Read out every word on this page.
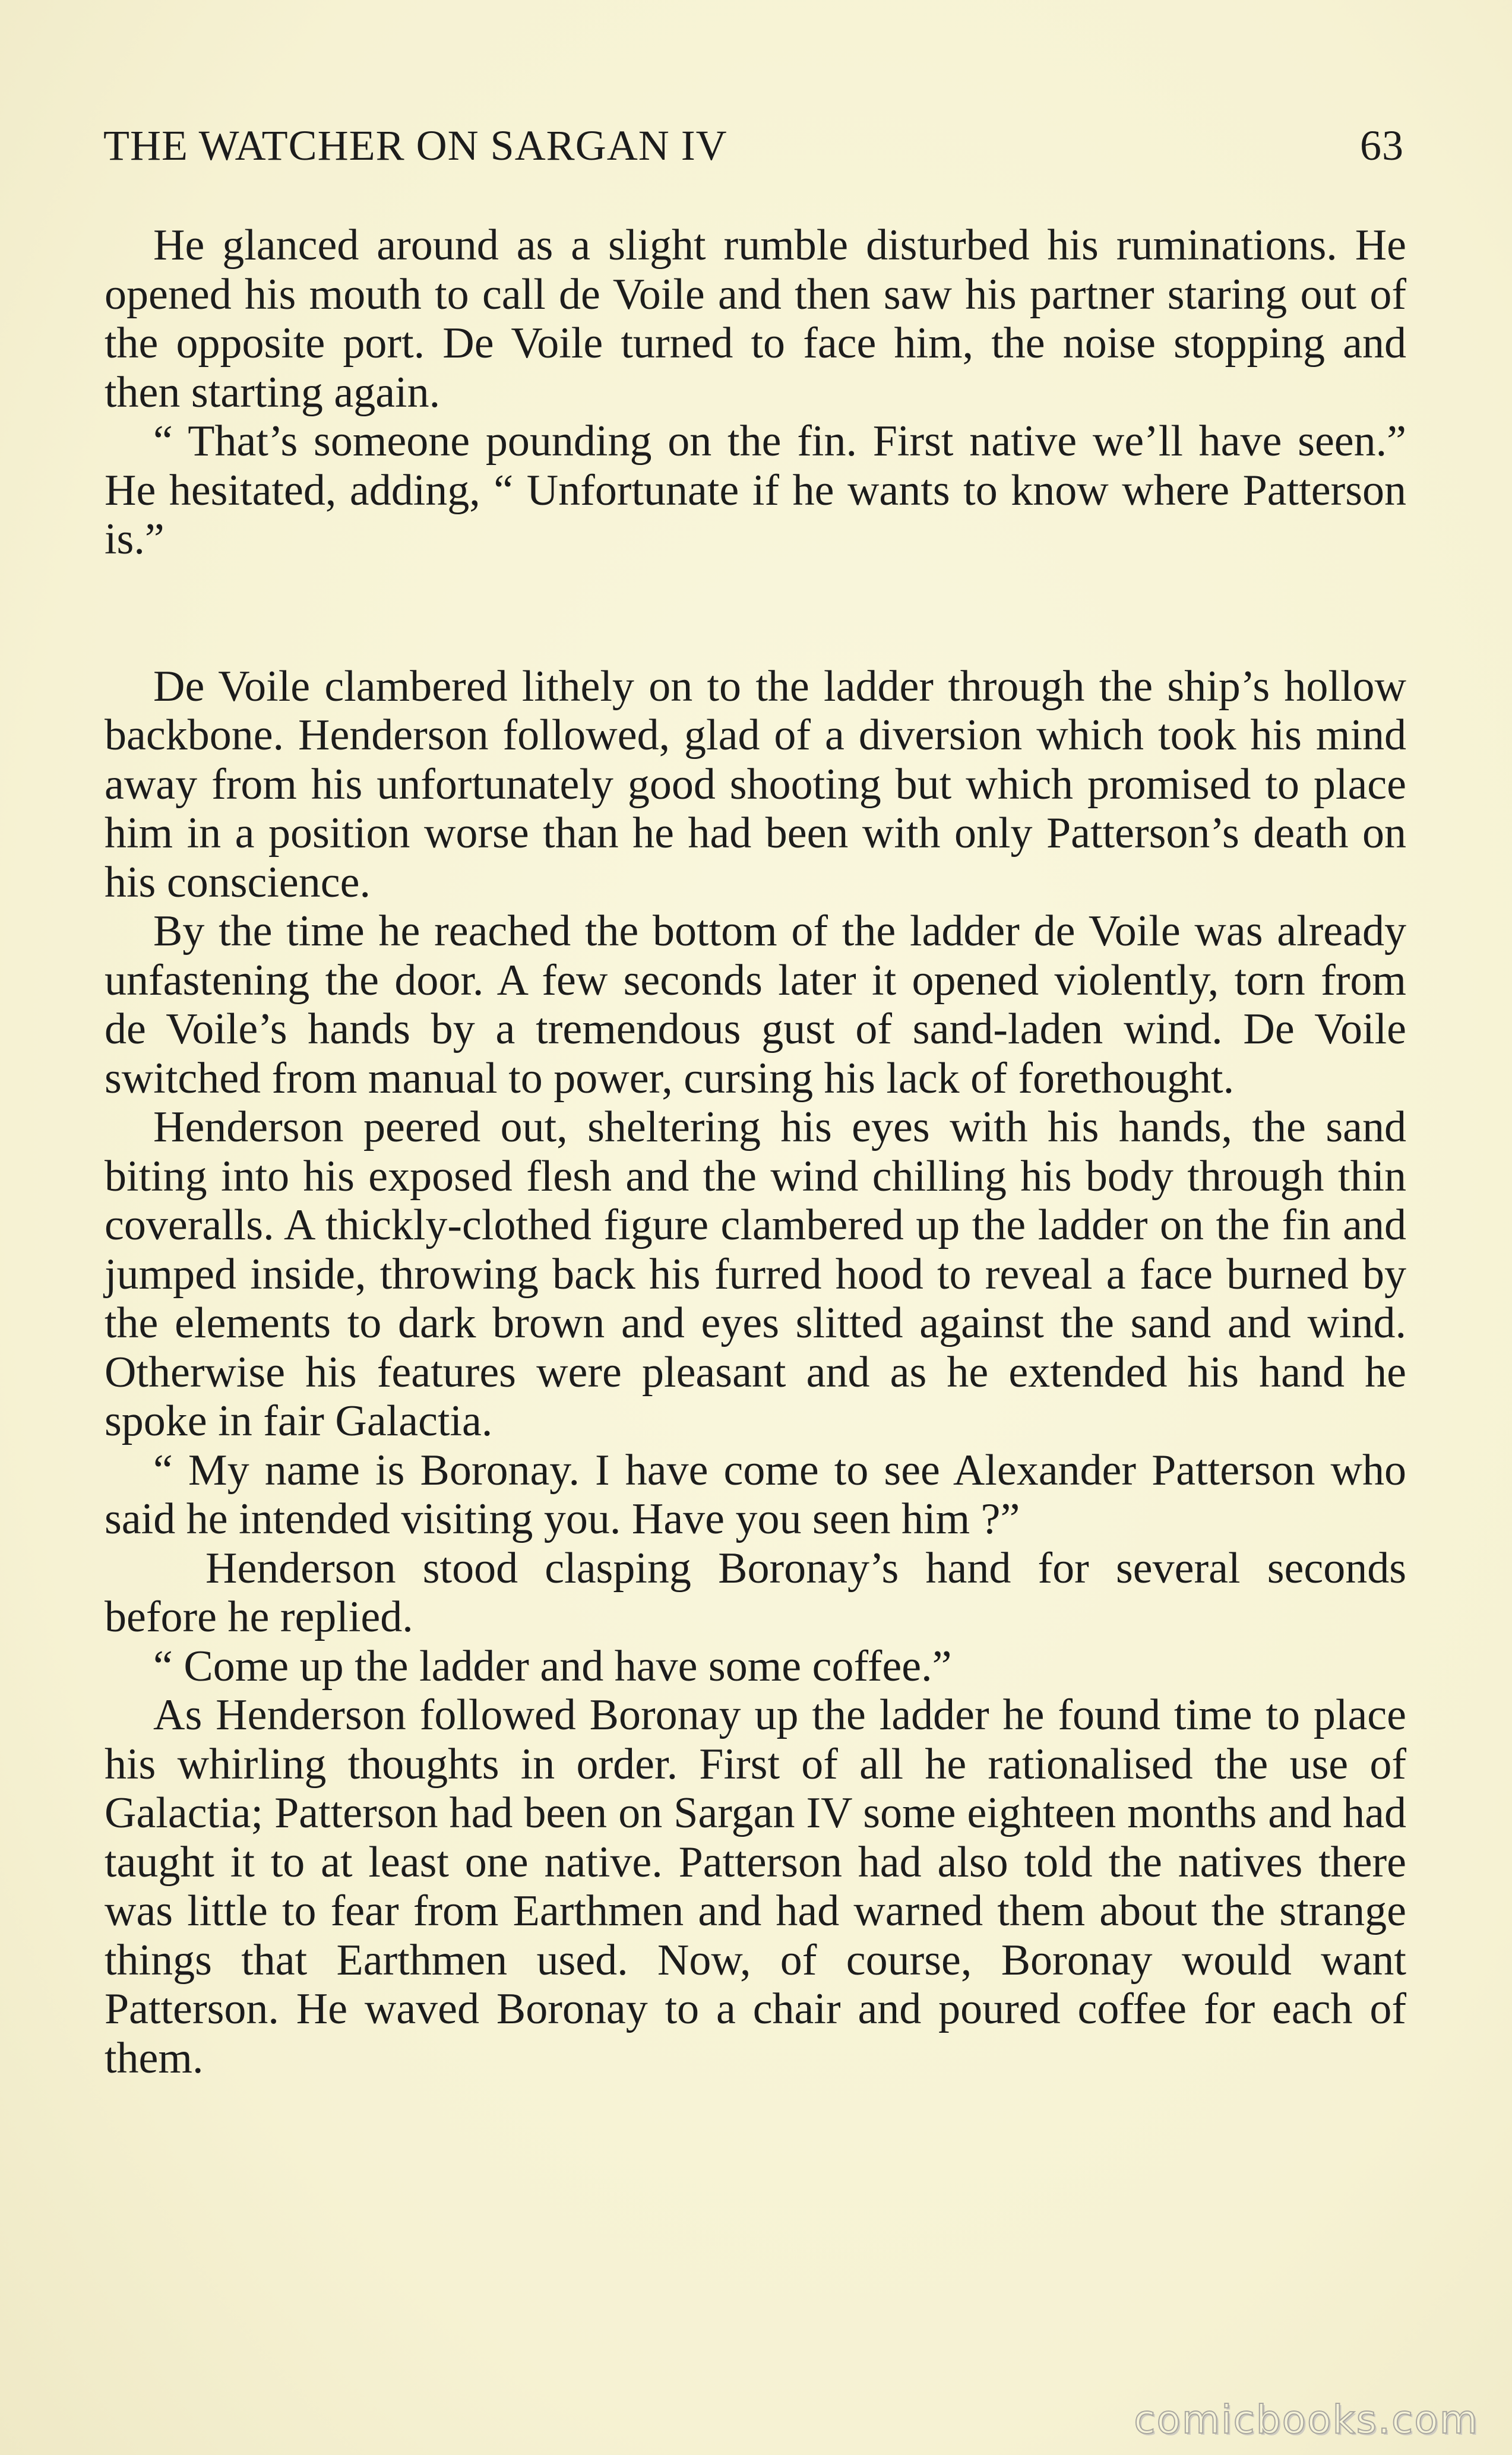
THE WATCHER ON SARGAN IV	63

He glanced around as a slight rumble disturbed his ruminations. He opened his mouth to call de Voile and then saw his partner staring out of the opposite port. De Voile turned to face him, the noise stopping and then starting again.

“ That’s someone pounding on the fin. First native we’ll have seen.” He hesitated, adding, “ Unfortunate if he wants to know where Patterson is.”

De Voile clambered lithely on to the ladder through the ship’s hollow backbone. Henderson followed, glad of a diversion which took his mind away from his unfortunately good shooting but which promised to place him in a position worse than he had been with only Patterson’s death on his conscience.

By the time he reached the bottom of the ladder de Voile was already unfastening the door. A few seconds later it opened violently, torn from de Voile’s hands by a tremendous gust of sand-laden wind. De Voile switched from manual to power, cursing his lack of forethought.

Henderson peered out, sheltering his eyes with his hands, the sand biting into his exposed flesh and the wind chilling his body through thin coveralls. A thickly-clothed figure clambered up the ladder on the fin and jumped inside, throwing back his furred hood to reveal a face burned by the elements to dark brown and eyes slitted against the sand and wind. Otherwise his features were pleasant and as he extended his hand he spoke in fair Galactia.

“ My name is Boronay. I have come to see Alexander Patterson who said he intended visiting you. Have you seen him ?”

Henderson stood clasping Boronay’s hand for several seconds before he replied.

“ Come up the ladder and have some coffee.”

As Henderson followed Boronay up the ladder he found time to place his whirling thoughts in order. First of all he rationalised the use of Galactia; Patterson had been on Sargan IV some eighteen months and had taught it to at least one native. Patterson had also told the natives there was little to fear from Earthmen and had warned them about the strange things that Earthmen used. Now, of course, Boronay would want Patterson. He waved Boronay to a chair and poured coffee for each of them.

comicbooks.com
